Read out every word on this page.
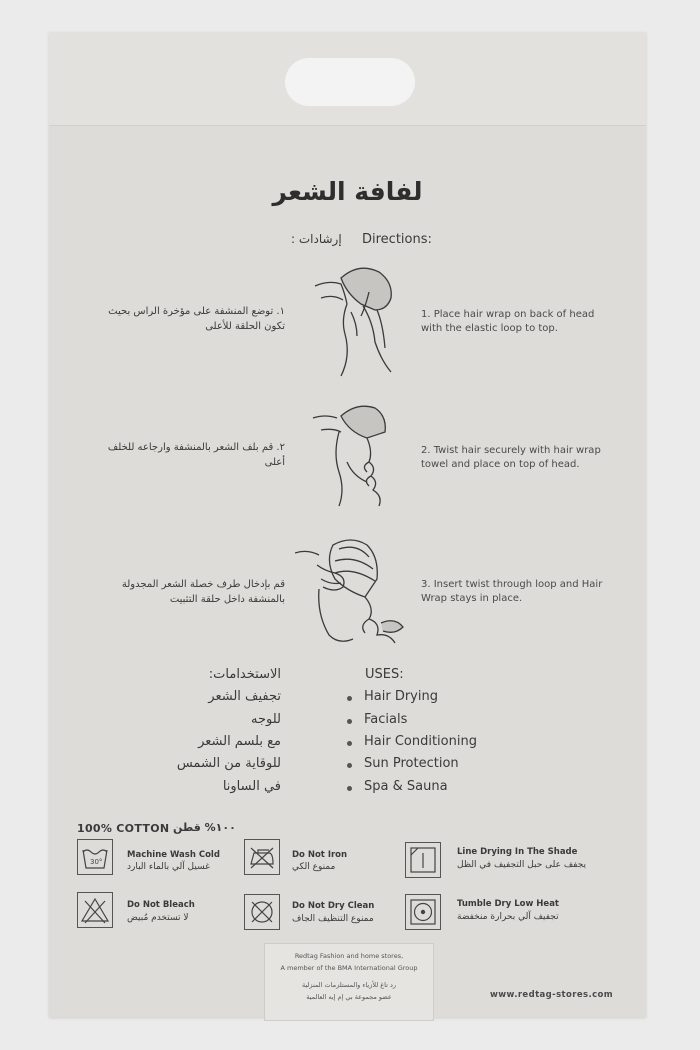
لفافة الشعر
إرشادات : Directions:
١. توضع المنشفة على مؤخرة الراس بحيث تكون الحلقة للأعلى
1. Place hair wrap on back of head with the elastic loop to top.
٢. قم بلف الشعر بالمنشفة وارجاعه للخلف أعلى
2. Twist hair securely with hair wrap towel and place on top of head.
قم بإدخال طرف خصلة الشعر المجدولة بالمنشفة داخل حلقة التثبيت
3. Insert twist through loop and Hair Wrap stays in place.
الاستخدامات:	USES:
تجفيف الشعر	Hair Drying
للوجه	Facials
مع بلسم الشعر	Hair Conditioning
للوقاية من الشمس	Sun Protection
في الساونا	Spa & Sauna
100% COTTON ١٠٠% قطن
30°
Machine Wash Cold
غسيل آلي بالماء البارد
Do Not Iron
ممنوع الكي
Line Drying In The Shade
يجفف على حبل التجفيف في الظل
Do Not Bleach
لا تستخدم مُبيض
Do Not Dry Clean
ممنوع التنظيف الجاف
Tumble Dry Low Heat
تجفيف آلي بحرارة منخفضة
Redtag Fashion and home stores,
A member of the BMA International Group
رد تاغ للأزياء والمستلزمات المنزلية
عضو مجموعة بي إم إيه العالمية	www.redtag-stores.com
